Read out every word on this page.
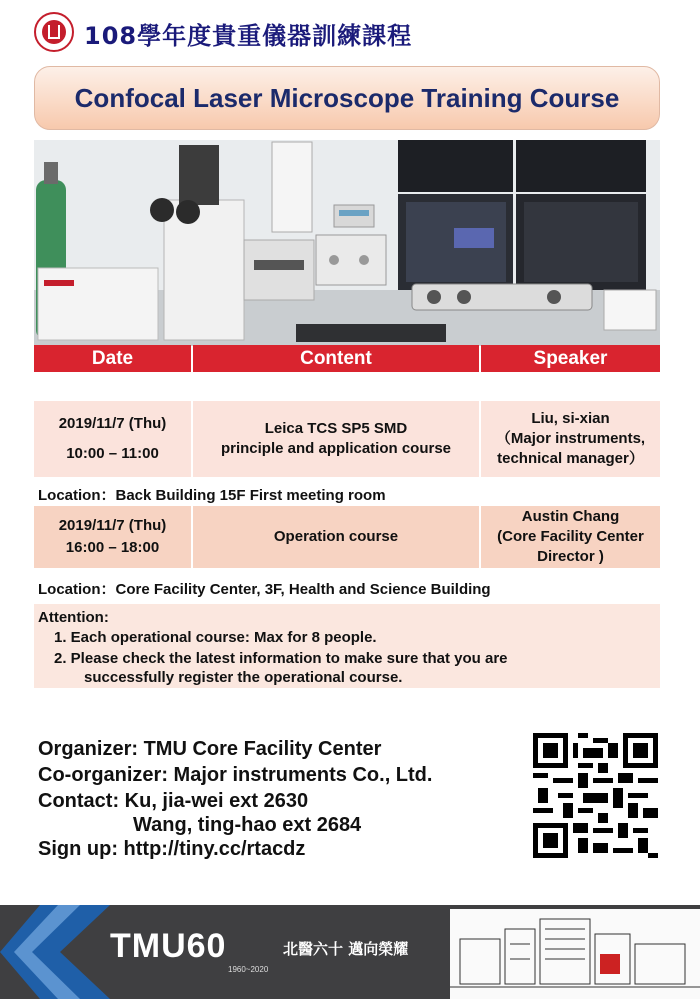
108學年度貴重儀器訓練課程
Confocal Laser Microscope Training Course
Date	Content	Speaker
2019/11/7 (Thu)
10:00 – 11:00
Leica TCS SP5 SMD
principle and application course
Liu, si-xian
（Major instruments,
technical manager）
Location：Back Building 15F First meeting room
2019/11/7 (Thu)
16:00 – 18:00
Operation course
Austin Chang
(Core Facility Center
Director )
Location：Core Facility Center, 3F, Health and Science Building
Attention:
1. Each operational course: Max for 8 people.
2. Please check the latest information to make sure that you are
successfully register the operational course.
Organizer: TMU Core Facility Center
Co-organizer: Major instruments Co., Ltd.
Contact: Ku, jia-wei ext 2630
Wang, ting-hao ext 2684
Sign up: http://tiny.cc/rtacdz
TMU60
1960~2020
北醫六十 邁向榮耀
